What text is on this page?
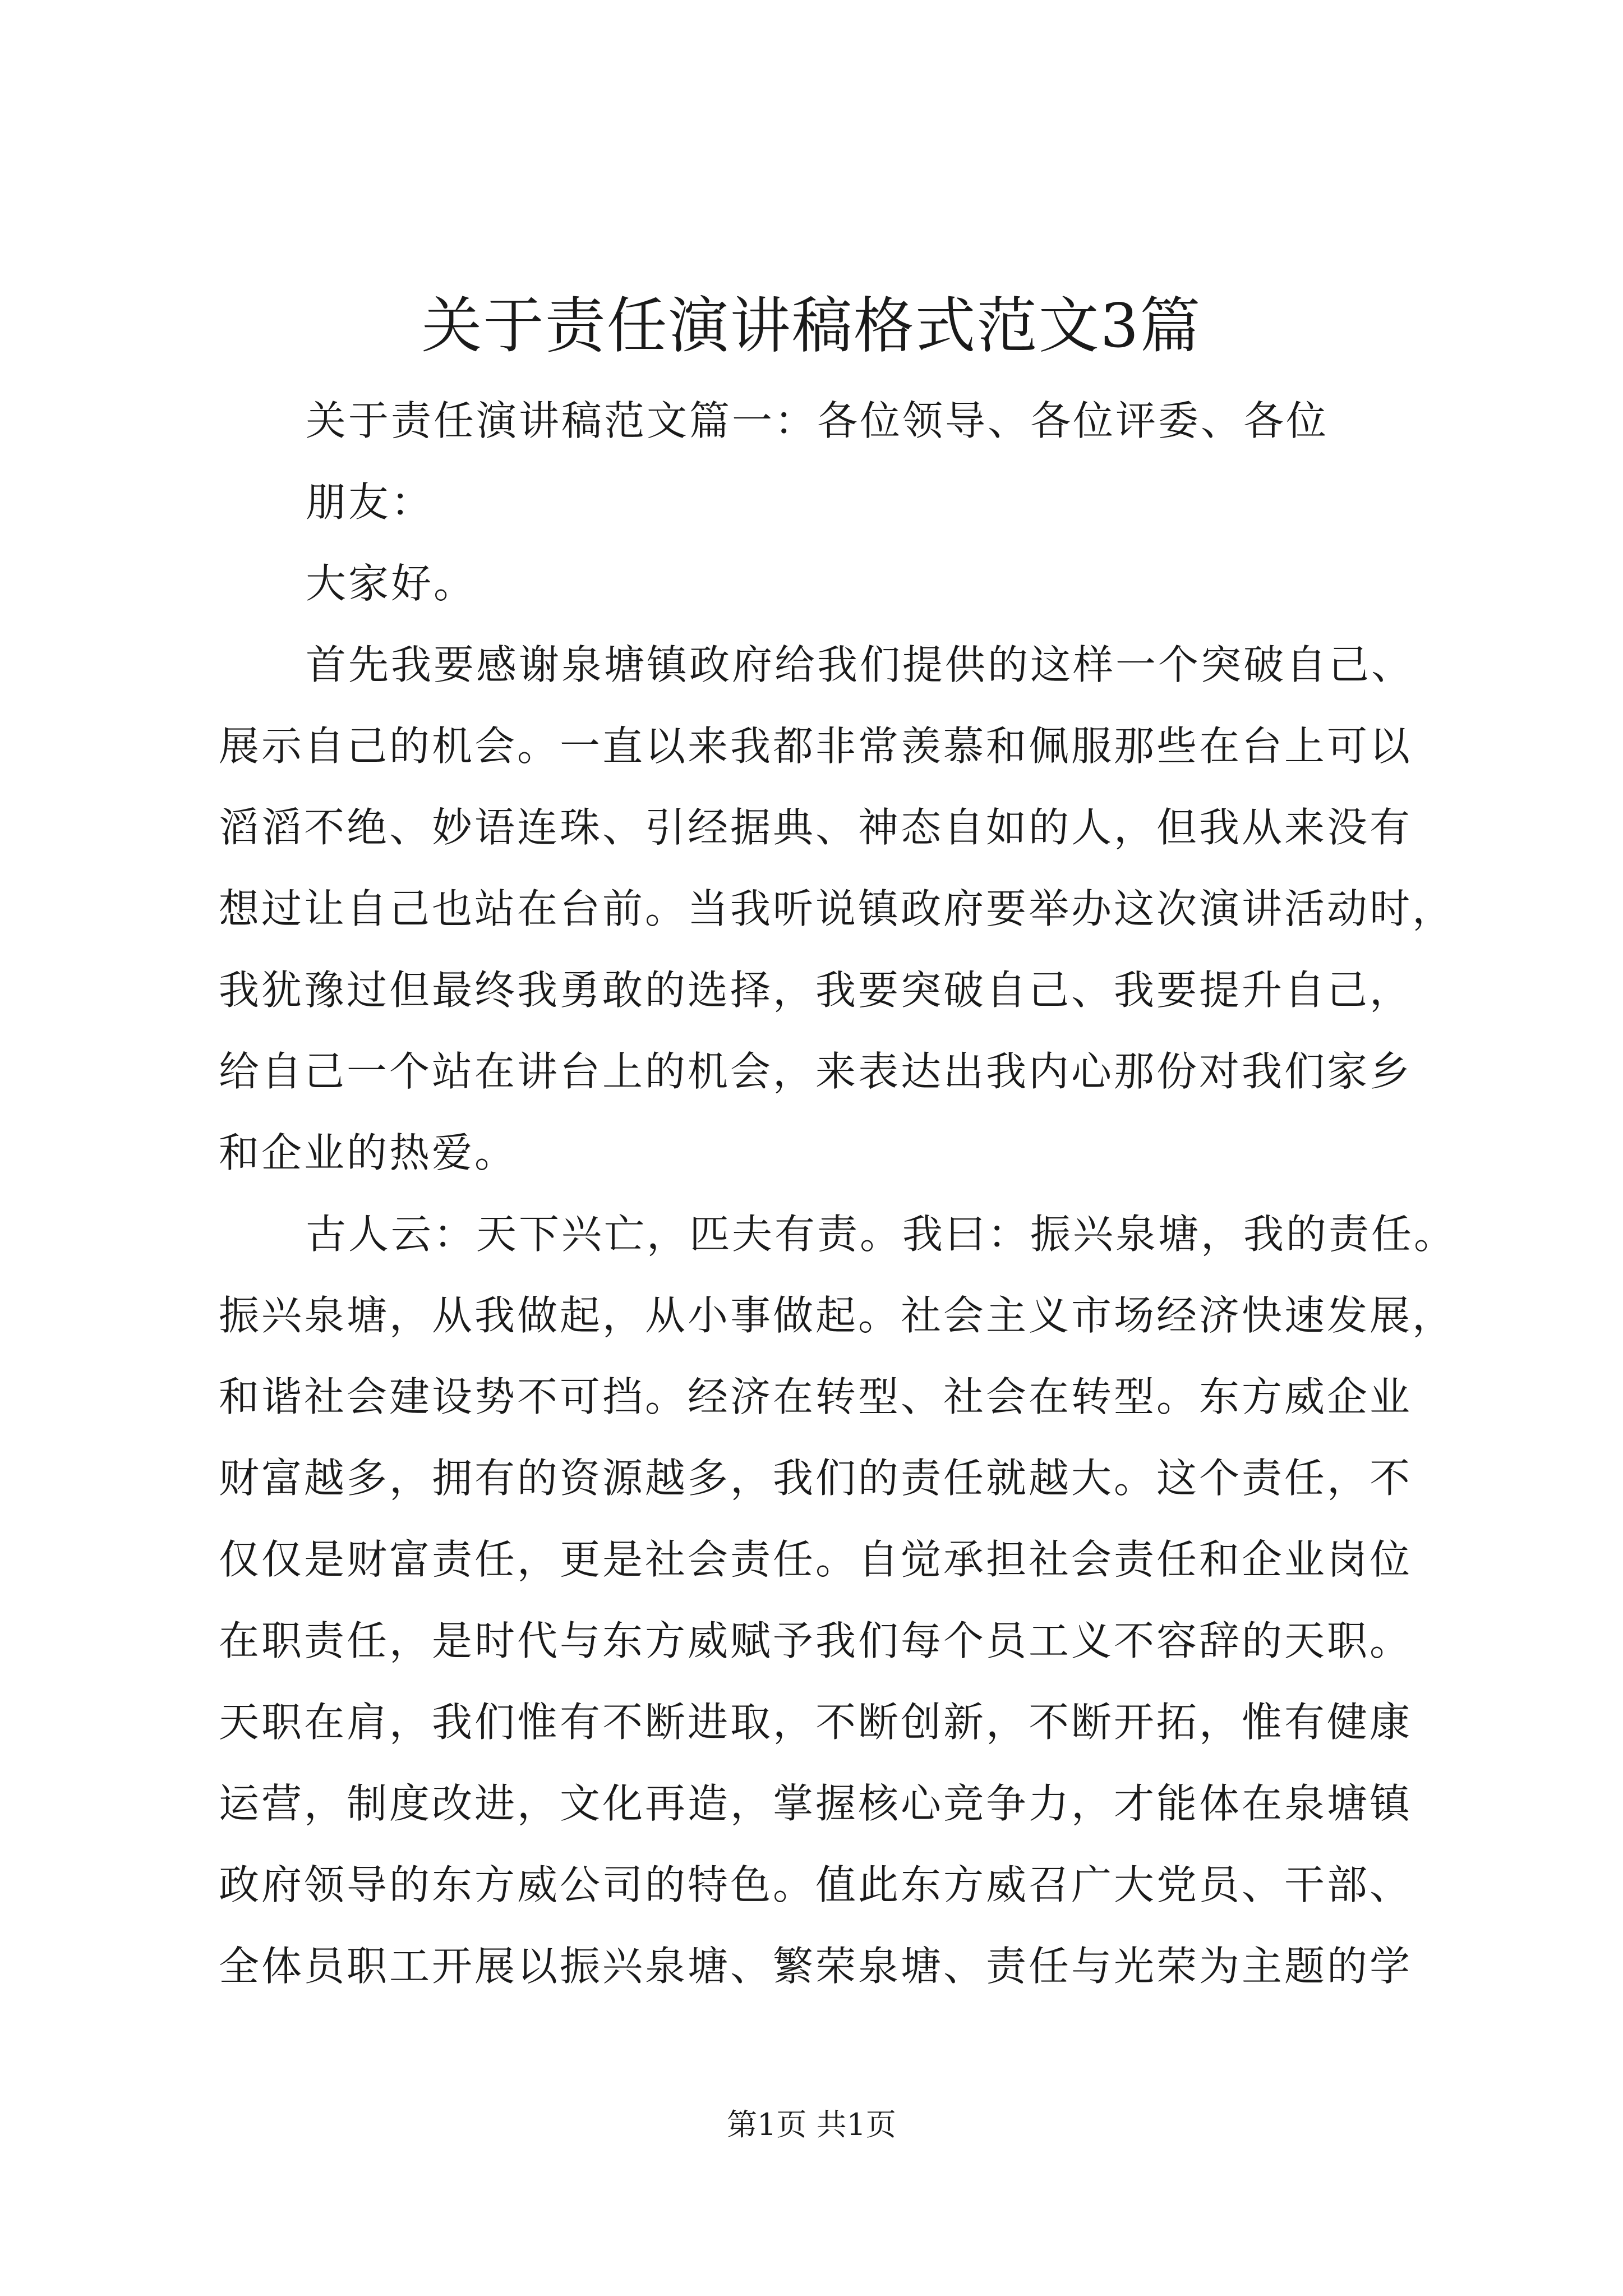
关于责任演讲稿格式范文3篇
关于责任演讲稿范文篇一：各位领导、各位评委、各位
朋友：
大家好。
首先我要感谢泉塘镇政府给我们提供的这样一个突破自己、
展示自己的机会。一直以来我都非常羡慕和佩服那些在台上可以
滔滔不绝、妙语连珠、引经据典、神态自如的人，但我从来没有
想过让自己也站在台前。当我听说镇政府要举办这次演讲活动时，
我犹豫过但最终我勇敢的选择，我要突破自己、我要提升自己，
给自己一个站在讲台上的机会，来表达出我内心那份对我们家乡
和企业的热爱。
古人云：天下兴亡，匹夫有责。我曰：振兴泉塘，我的责任。
振兴泉塘，从我做起，从小事做起。社会主义市场经济快速发展，
和谐社会建设势不可挡。经济在转型、社会在转型。东方威企业
财富越多，拥有的资源越多，我们的责任就越大。这个责任，不
仅仅是财富责任，更是社会责任。自觉承担社会责任和企业岗位
在职责任，是时代与东方威赋予我们每个员工义不容辞的天职。
天职在肩，我们惟有不断进取，不断创新，不断开拓，惟有健康
运营，制度改进，文化再造，掌握核心竞争力，才能体在泉塘镇
政府领导的东方威公司的特色。值此东方威召广大党员、干部、
全体员职工开展以振兴泉塘、繁荣泉塘、责任与光荣为主题的学
第1页 共1页
